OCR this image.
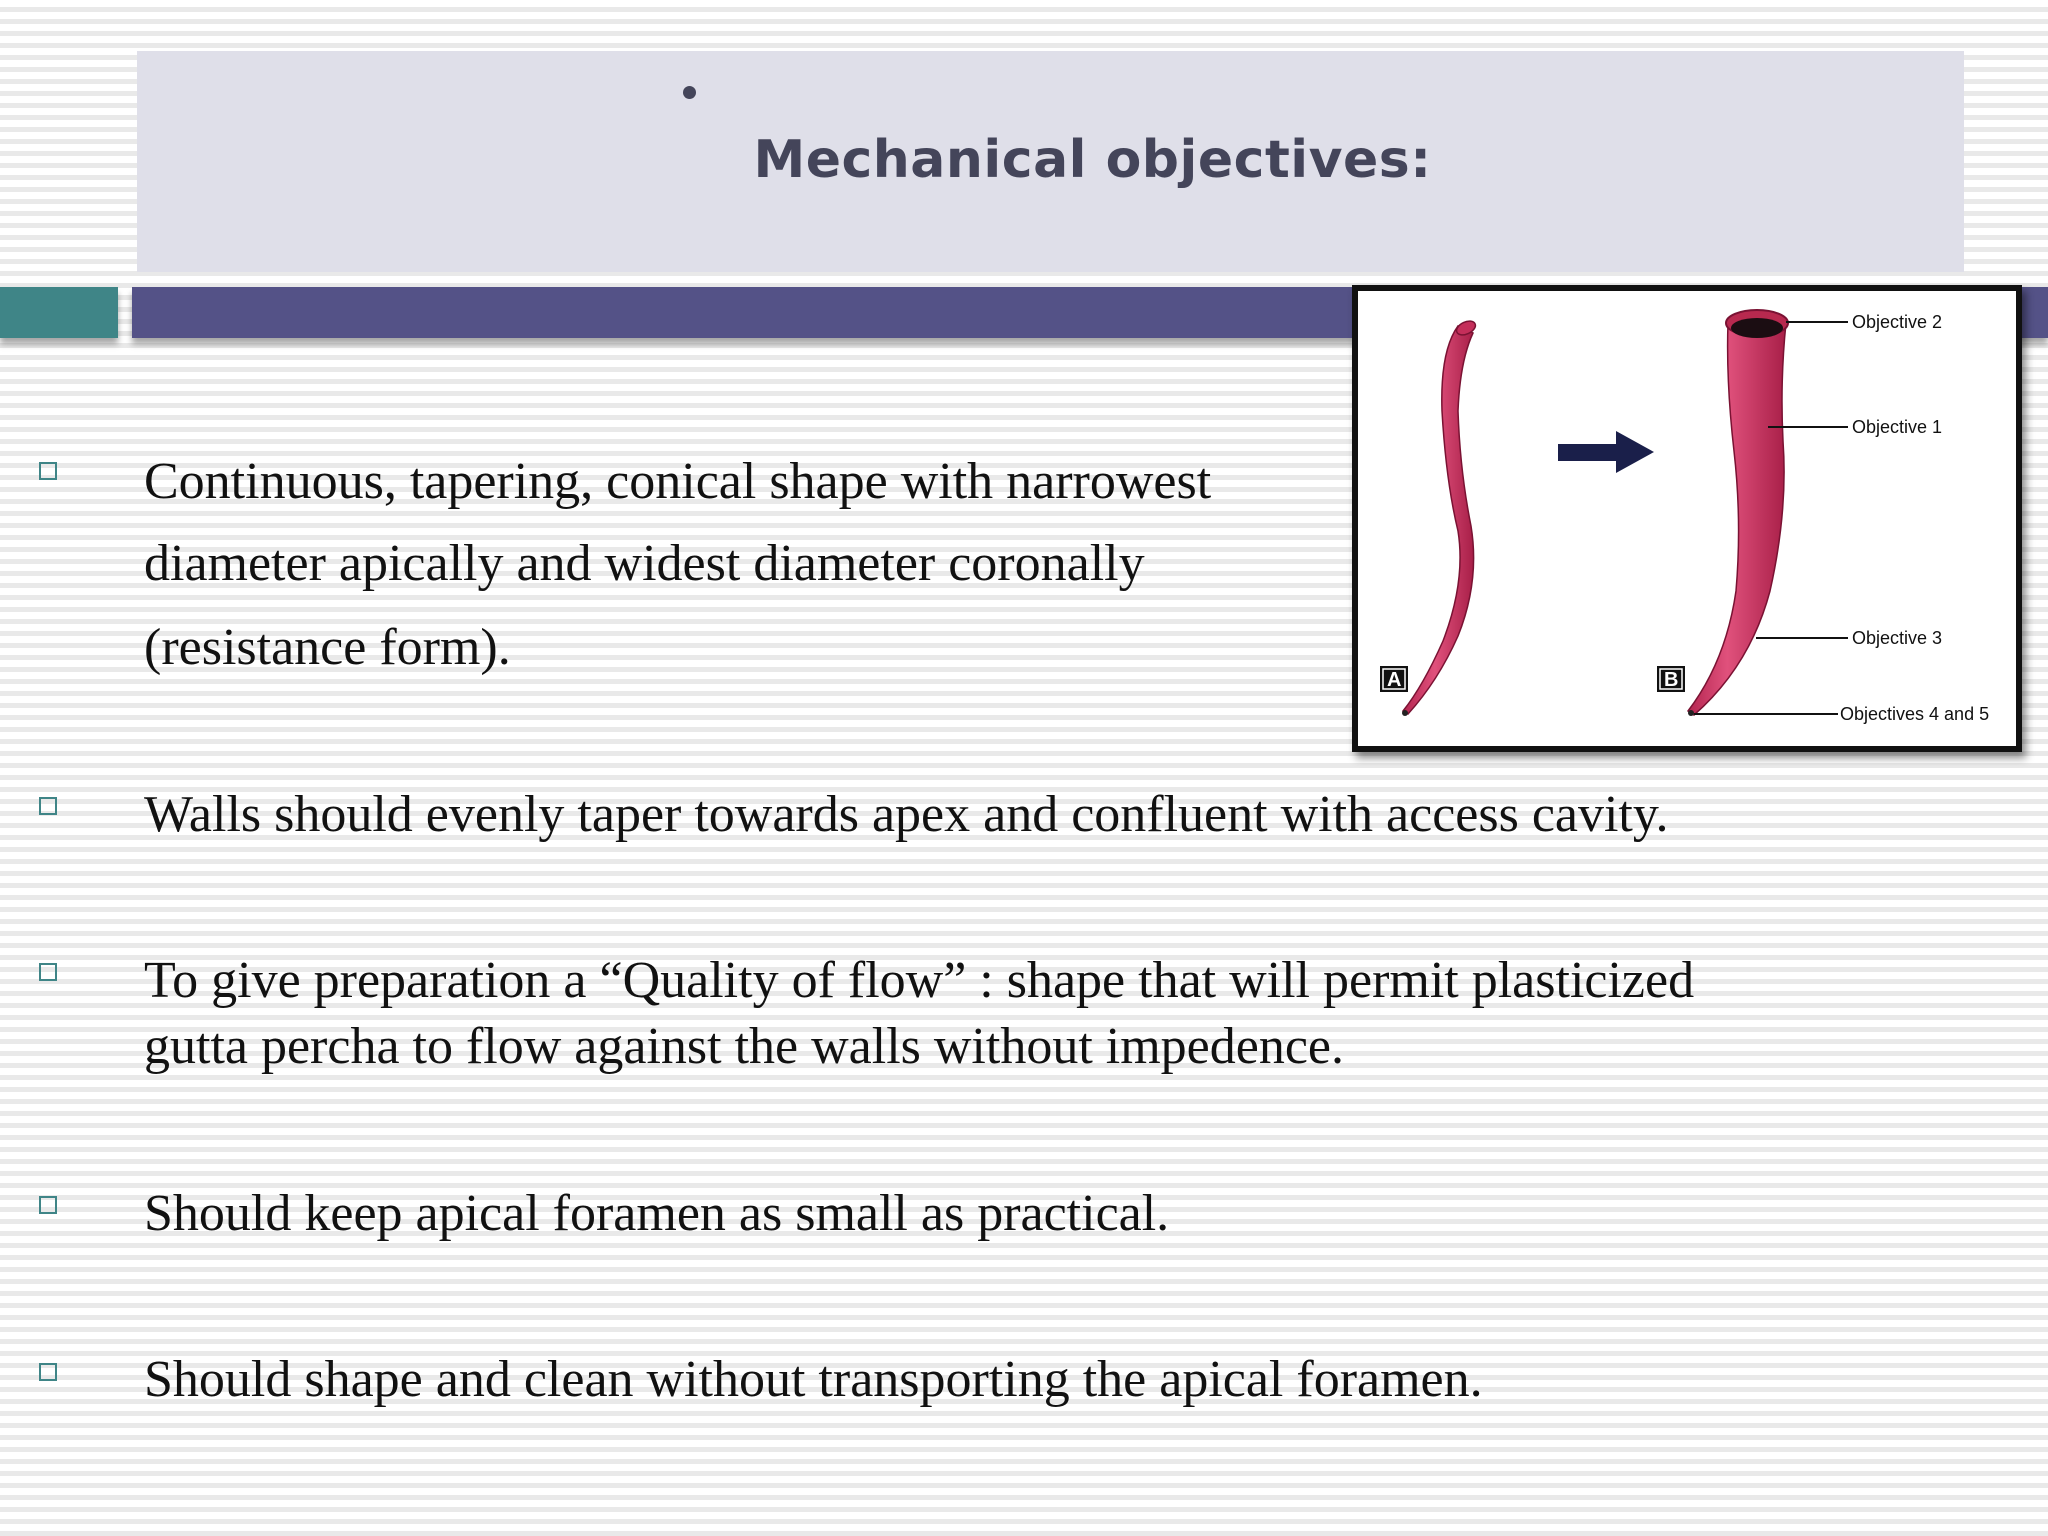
Mechanical objectives:
Continuous, tapering, conical shape with narrowest
diameter apically and widest diameter coronally
(resistance form).
Walls should evenly taper towards apex and confluent with access cavity.
To give preparation a “Quality of flow” : shape that will permit plasticized
gutta percha to flow against the walls without impedence.
Should keep apical foramen as small as practical.
Should shape and clean without transporting the apical foramen.
Objective 2
Objective 1
Objective 3
Objectives 4 and 5
A	B
